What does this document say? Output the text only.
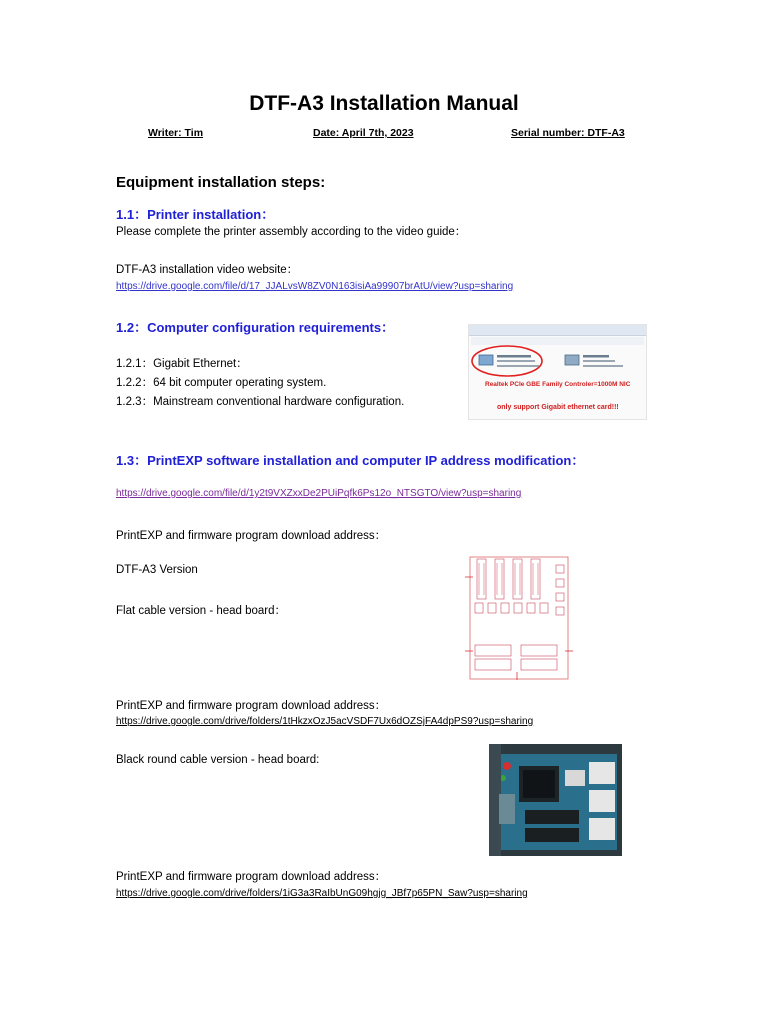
DTF-A3 Installation Manual
Writer: Tim	Date: April 7th, 2023	Serial number: DTF-A3
Equipment installation steps:
1.1：Printer installation：
Please complete the printer assembly according to the video guide：
DTF-A3 installation video website：
https://drive.google.com/file/d/17_JJALvsW8ZV0N163isiAa99907brAtU/view?usp=sharing
1.2：Computer configuration requirements：
1.2.1：Gigabit Ethernet：
1.2.2：64 bit computer operating system.
1.2.3：Mainstream conventional hardware configuration.
Realtek PCIe GBE Family Controler=1000M NIC
only support Gigabit ethernet card!!!
1.3：PrintEXP software installation and computer IP address modification：
https://drive.google.com/file/d/1y2t9VXZxxDe2PUiPqfk6Ps12o_NTSGTO/view?usp=sharing
PrintEXP and firmware program download address：
DTF-A3 Version
Flat cable version - head board：
PrintEXP and firmware program download address：
https://drive.google.com/drive/folders/1tHkzxOzJ5acVSDF7Ux6dOZSjFA4dpPS9?usp=sharing
Black round cable version - head board:
PrintEXP and firmware program download address：
https://drive.google.com/drive/folders/1iG3a3RaIbUnG09hgjg_JBf7p65PN_Saw?usp=sharing
